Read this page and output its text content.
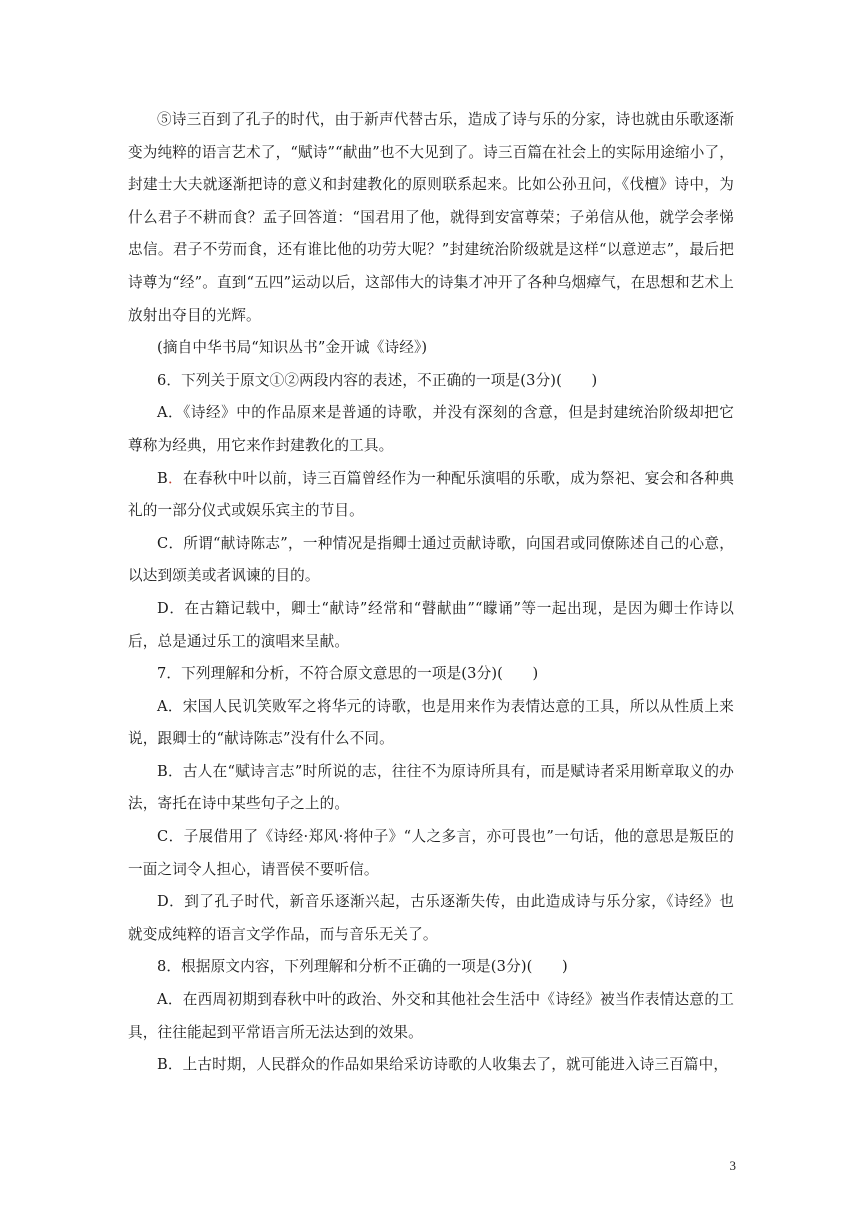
⑤诗三百到了孔子的时代，由于新声代替古乐，造成了诗与乐的分家，诗也就由乐歌逐渐变为纯粹的语言艺术了，“赋诗”“献曲”也不大见到了。诗三百篇在社会上的实际用途缩小了，封建士大夫就逐渐把诗的意义和封建教化的原则联系起来。比如公孙丑问，《伐檀》诗中，为什么君子不耕而食？孟子回答道：“国君用了他，就得到安富尊荣；子弟信从他，就学会孝悌忠信。君子不劳而食，还有谁比他的功劳大呢？”封建统治阶级就是这样“以意逆志”，最后把诗尊为“经”。直到“五四”运动以后，这部伟大的诗集才冲开了各种乌烟瘴气，在思想和艺术上放射出夺目的光辉。

(摘自中华书局“知识丛书”金开诚《诗经》)

6．下列关于原文①②两段内容的表述，不正确的一项是(3分)(　　)

A．《诗经》中的作品原来是普通的诗歌，并没有深刻的含意，但是封建统治阶级却把它尊称为经典，用它来作封建教化的工具。

B．在春秋中叶以前，诗三百篇曾经作为一种配乐演唱的乐歌，成为祭祀、宴会和各种典礼的一部分仪式或娱乐宾主的节目。

C．所谓“献诗陈志”，一种情况是指卿士通过贡献诗歌，向国君或同僚陈述自己的心意，以达到颂美或者讽谏的目的。

D．在古籍记载中，卿士“献诗”经常和“瞽献曲”“矇诵”等一起出现，是因为卿士作诗以后，总是通过乐工的演唱来呈献。

7．下列理解和分析，不符合原文意思的一项是(3分)(　　)

A．宋国人民讥笑败军之将华元的诗歌，也是用来作为表情达意的工具，所以从性质上来说，跟卿士的“献诗陈志”没有什么不同。

B．古人在“赋诗言志”时所说的志，往往不为原诗所具有，而是赋诗者采用断章取义的办法，寄托在诗中某些句子之上的。

C．子展借用了《诗经·郑风·将仲子》“人之多言，亦可畏也”一句话，他的意思是叛臣的一面之词令人担心，请晋侯不要听信。

D．到了孔子时代，新音乐逐渐兴起，古乐逐渐失传，由此造成诗与乐分家，《诗经》也就变成纯粹的语言文学作品，而与音乐无关了。

8．根据原文内容，下列理解和分析不正确的一项是(3分)(　　)

A．在西周初期到春秋中叶的政治、外交和其他社会生活中《诗经》被当作表情达意的工具，往往能起到平常语言所无法达到的效果。

B．上古时期，人民群众的作品如果给采访诗歌的人收集去了，就可能进入诗三百篇中，

3
